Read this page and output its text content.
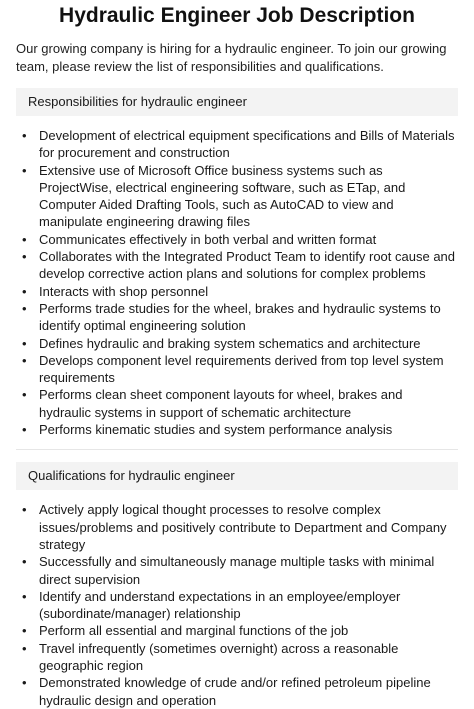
Hydraulic Engineer Job Description

Our growing company is hiring for a hydraulic engineer. To join our growing team, please review the list of responsibilities and qualifications.

Responsibilities for hydraulic engineer
• Development of electrical equipment specifications and Bills of Materials for procurement and construction
• Extensive use of Microsoft Office business systems such as ProjectWise, electrical engineering software, such as ETap, and Computer Aided Drafting Tools, such as AutoCAD to view and manipulate engineering drawing files
• Communicates effectively in both verbal and written format
• Collaborates with the Integrated Product Team to identify root cause and develop corrective action plans and solutions for complex problems
• Interacts with shop personnel
• Performs trade studies for the wheel, brakes and hydraulic systems to identify optimal engineering solution
• Defines hydraulic and braking system schematics and architecture
• Develops component level requirements derived from top level system requirements
• Performs clean sheet component layouts for wheel, brakes and hydraulic systems in support of schematic architecture
• Performs kinematic studies and system performance analysis
Qualifications for hydraulic engineer
• Actively apply logical thought processes to resolve complex issues/problems and positively contribute to Department and Company strategy
• Successfully and simultaneously manage multiple tasks with minimal direct supervision
• Identify and understand expectations in an employee/employer (subordinate/manager) relationship
• Perform all essential and marginal functions of the job
• Travel infrequently (sometimes overnight) across a reasonable geographic region
• Demonstrated knowledge of crude and/or refined petroleum pipeline hydraulic design and operation
